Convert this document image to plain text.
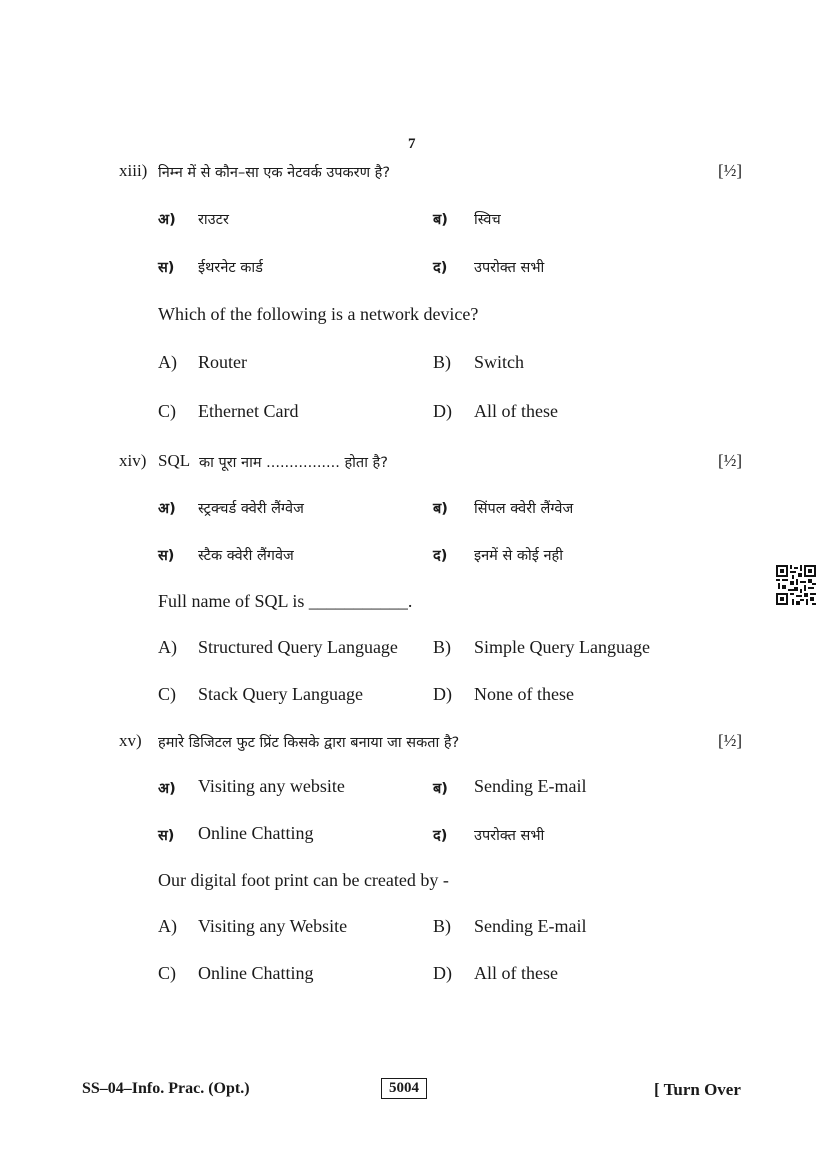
7
xiii) निम्न में से कौन–सा एक नेटवर्क उपकरण है?	[½]
अ) राउटर	ब) स्विच
स) ईथरनेट कार्ड	द) उपरोक्त सभी
Which of the following is a network device?
A) Router	B) Switch
C) Ethernet Card	D) All of these
xiv) SQL का पूरा नाम ................ होता है?	[½]
अ) स्ट्रक्चर्ड क्वेरी लैंग्वेज	ब) सिंपल क्वेरी लैंग्वेज
स) स्टैक क्वेरी लैंगवेज	द) इनमें से कोई नही
Full name of SQL is ___________.
A) Structured Query Language B) Simple Query Language
C) Stack Query Language	D) None of these
xv) हमारे डिजिटल फुट प्रिंट किसके द्वारा बनाया जा सकता है?	[½]
अ) Visiting any website	ब) Sending E-mail
स) Online Chatting	द) उपरोक्त सभी
Our digital foot print can be created by -
A) Visiting any Website	B) Sending E-mail
C) Online Chatting	D) All of these
SS–04–Info. Prac. (Opt.)	5004	[ Turn Over
